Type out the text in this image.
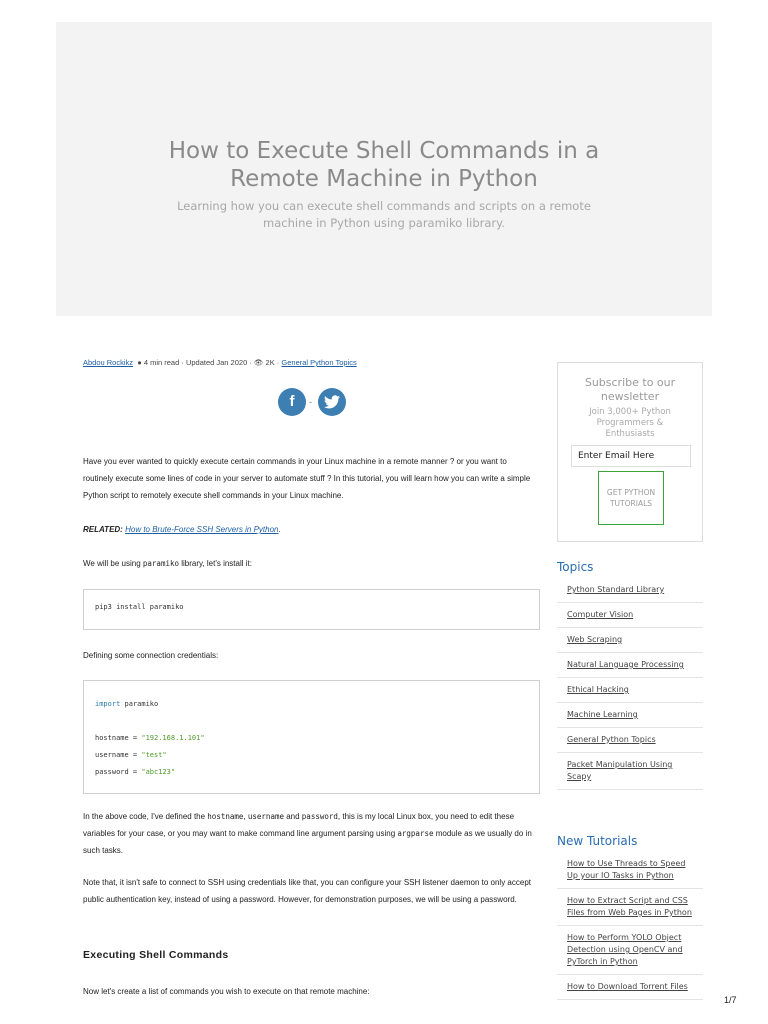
How to Execute Shell Commands in a Remote Machine in Python
Learning how you can execute shell commands and scripts on a remote machine in Python using paramiko library.
Abdou Rockikz  ● 4 min read · Updated Jan 2020 · 👁 2K · General Python Topics
f	-

Have you ever wanted to quickly execute certain commands in your Linux machine in a remote manner ? or you want to routinely execute some lines of code in your server to automate stuff ? In this tutorial, you will learn how you can write a simple Python script to remotely execute shell commands in your Linux machine.

RELATED: How to Brute-Force SSH Servers in Python.

We will be using paramiko library, let's install it:

pip3 install paramiko

Defining some connection credentials:

import paramiko
hostname = "192.168.1.101"
username = "test"
password = "abc123"

In the above code, I've defined the hostname, username and password, this is my local Linux box, you need to edit these variables for your case, or you may want to make command line argument parsing using argparse module as we usually do in such tasks.

Note that, it isn't safe to connect to SSH using credentials like that, you can configure your SSH listener daemon to only accept public authentication key, instead of using a password. However, for demonstration purposes, we will be using a password.

Executing Shell Commands

Now let's create a list of commands you wish to execute on that remote machine:

Subscribe to our newsletter
Join 3,000+ Python Programmers & Enthusiasts
Enter Email Here
GET PYTHON TUTORIALS
Topics
Python Standard Library
Computer Vision
Web Scraping
Natural Language Processing
Ethical Hacking
Machine Learning
General Python Topics
Packet Manipulation Using Scapy
New Tutorials
How to Use Threads to Speed Up your IO Tasks in Python
How to Extract Script and CSS Files from Web Pages in Python
How to Perform YOLO Object Detection using OpenCV and PyTorch in Python
How to Download Torrent Files
1/7
